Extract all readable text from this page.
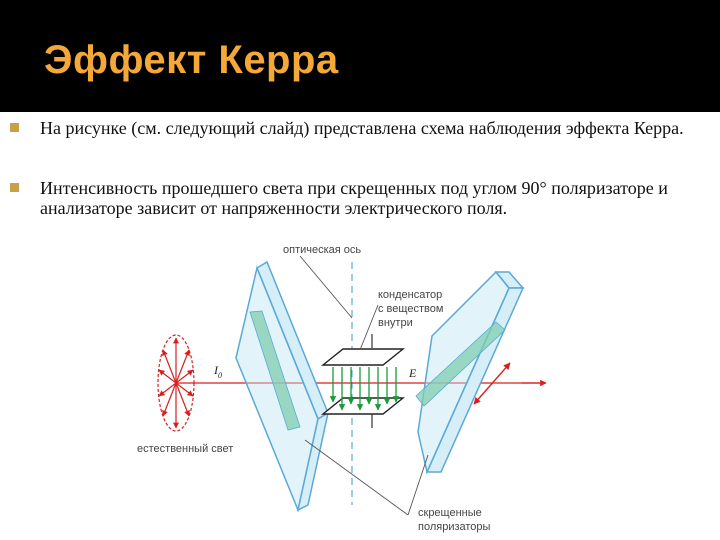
Эффект Керра
На рисунке (см. следующий слайд) представлена схема наблюдения эффекта Керра.
Интенсивность прошедшего света при скрещенных под углом 90° поляризаторе и анализаторе зависит от напряженности электрического поля.
оптическая ось
конденсатор
с веществом
внутри
естественный свет
скрещенные
поляризаторы
$I_0$	E
